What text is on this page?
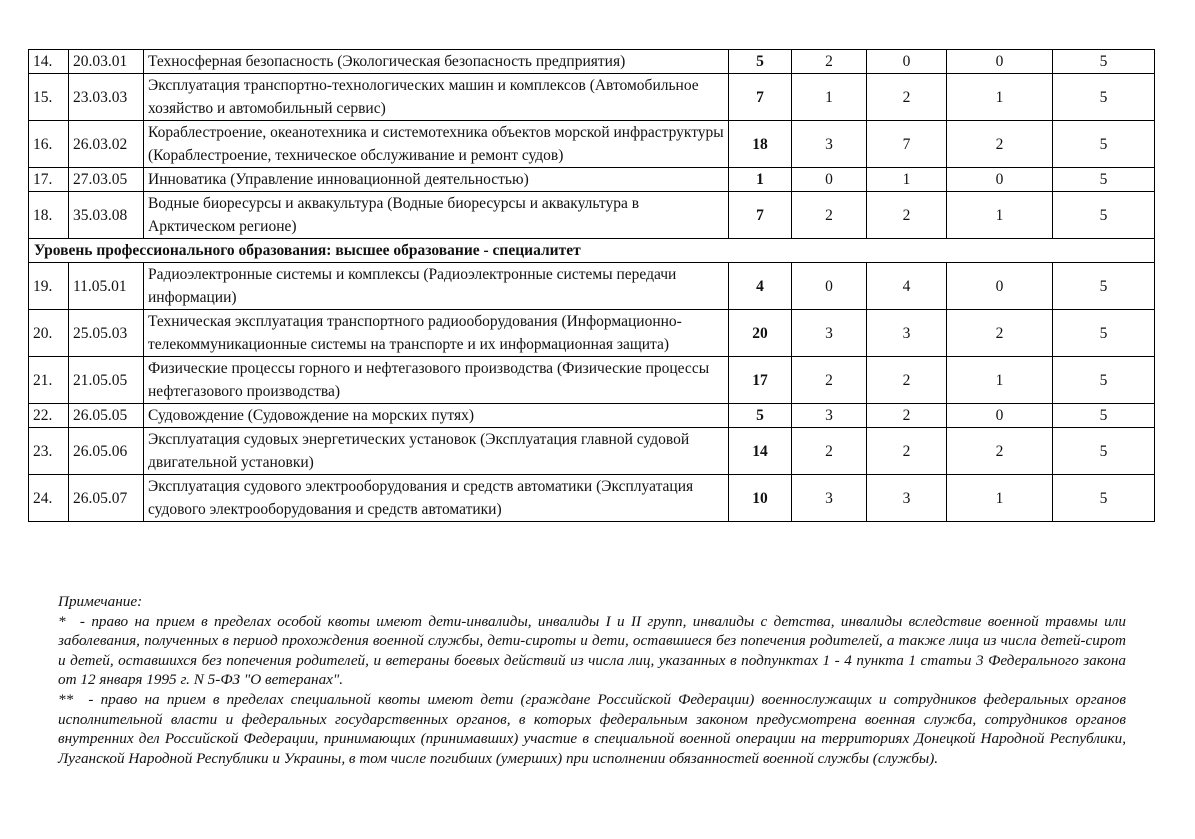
14.	20.03.01	Техносферная безопасность (Экологическая безопасность предприятия)	5	2	0	0	5
15.	23.03.03	Эксплуатация транспортно-технологических машин и комплексов (Автомобильное хозяйство и автомобильный сервис)	7	1	2	1	5
16.	26.03.02	Кораблестроение, океанотехника и системотехника объектов морской инфраструктуры (Кораблестроение, техническое обслуживание и ремонт судов)	18	3	7	2	5
17.	27.03.05	Инноватика (Управление инновационной деятельностью)	1	0	1	0	5
18.	35.03.08	Водные биоресурсы и аквакультура (Водные биоресурсы и аквакультура в Арктическом регионе)	7	2	2	1	5
Уровень профессионального образования: высшее образование - специалитет							
19.	11.05.01	Радиоэлектронные системы и комплексы (Радиоэлектронные системы передачи информации)	4	0	4	0	5
20.	25.05.03	Техническая эксплуатация транспортного радиооборудования (Информационно-телекоммуникационные системы на транспорте и их информационная защита)	20	3	3	2	5
21.	21.05.05	Физические процессы горного и нефтегазового производства (Физические процессы нефтегазового производства)	17	2	2	1	5
22.	26.05.05	Судовождение (Судовождение на морских путях)	5	3	2	0	5
23.	26.05.06	Эксплуатация судовых энергетических установок (Эксплуатация главной судовой двигательной установки)	14	2	2	2	5
24.	26.05.07	Эксплуатация судового электрооборудования и средств автоматики (Эксплуатация судового электрооборудования и средств автоматики)	10	3	3	1	5

Примечание:

* - право на прием в пределах особой квоты имеют дети-инвалиды, инвалиды I и II групп, инвалиды с детства, инвалиды вследствие военной травмы или заболевания, полученных в период прохождения военной службы, дети-сироты и дети, оставшиеся без попечения родителей, а также лица из числа детей-сирот и детей, оставшихся без попечения родителей, и ветераны боевых действий из числа лиц, указанных в подпунктах 1 - 4 пункта 1 статьи 3 Федерального закона от 12 января 1995 г. N 5-ФЗ "О ветеранах".

** - право на прием в пределах специальной квоты имеют дети (граждане Российской Федерации) военнослужащих и сотрудников федеральных органов исполнительной власти и федеральных государственных органов, в которых федеральным законом предусмотрена военная служба, сотрудников органов внутренних дел Российской Федерации, принимающих (принимавших) участие в специальной военной операции на территориях Донецкой Народной Республики, Луганской Народной Республики и Украины, в том числе погибших (умерших) при исполнении обязанностей военной службы (службы).
